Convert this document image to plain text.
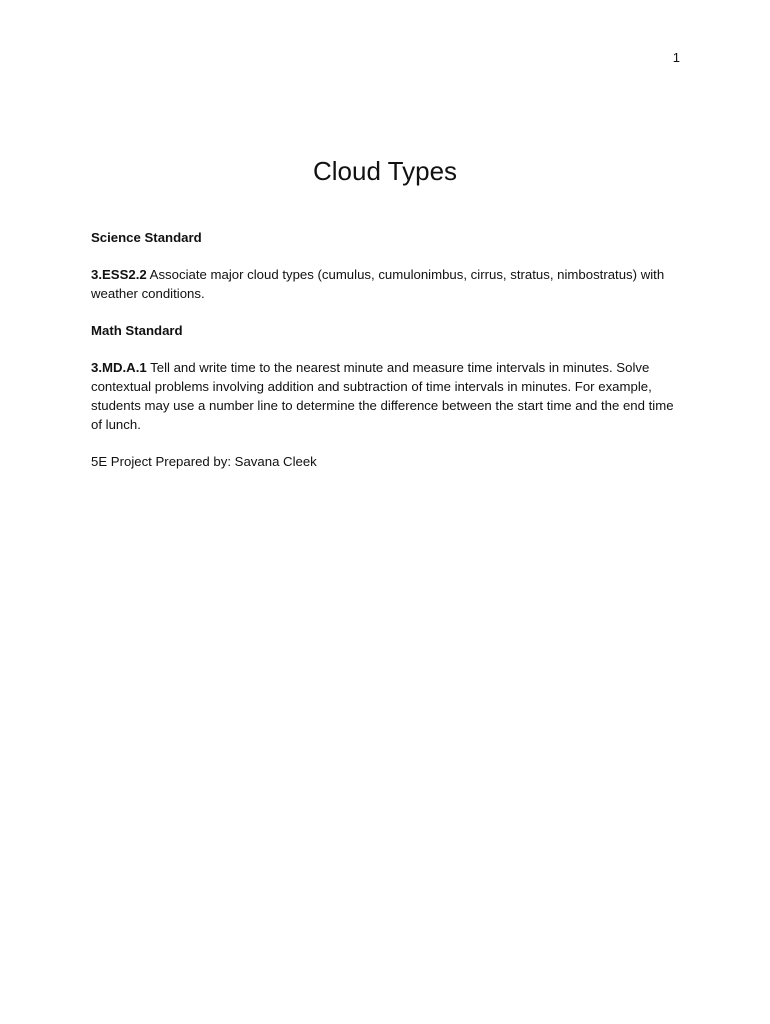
1
Cloud Types

Science Standard

3.ESS2.2 Associate major cloud types (cumulus, cumulonimbus, cirrus, stratus, nimbostratus) with weather conditions.

Math Standard

3.MD.A.1 Tell and write time to the nearest minute and measure time intervals in minutes. Solve contextual problems involving addition and subtraction of time intervals in minutes. For example, students may use a number line to determine the difference between the start time and the end time of lunch.

5E Project Prepared by: Savana Cleek
